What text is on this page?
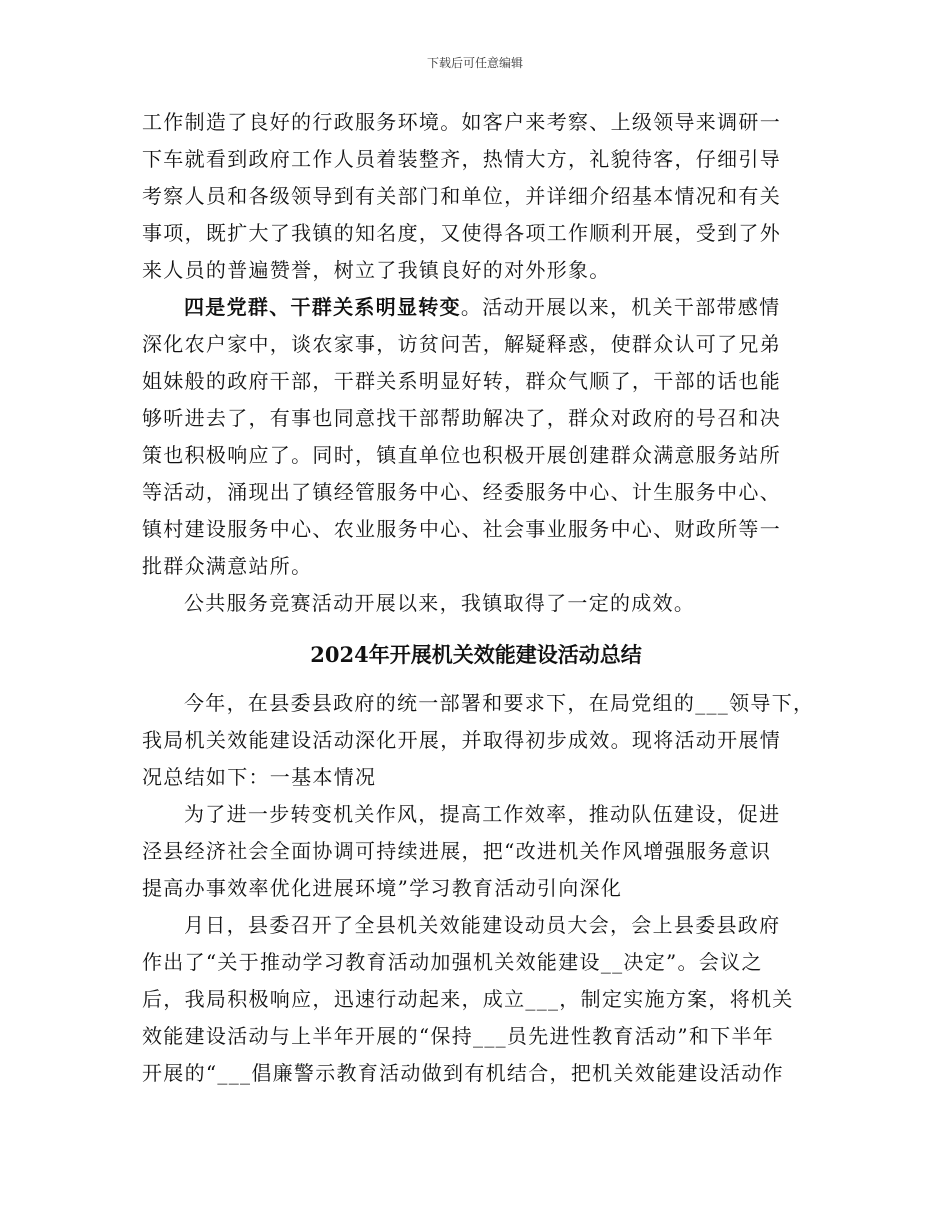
下载后可任意编辑
工作制造了良好的行政服务环境。如客户来考察、上级领导来调研一
下车就看到政府工作人员着装整齐，热情大方，礼貌待客，仔细引导
考察人员和各级领导到有关部门和单位，并详细介绍基本情况和有关
事项，既扩大了我镇的知名度，又使得各项工作顺利开展，受到了外
来人员的普遍赞誉，树立了我镇良好的对外形象。
四是党群、干群关系明显转变。活动开展以来，机关干部带感情
深化农户家中，谈农家事，访贫问苦，解疑释惑，使群众认可了兄弟
姐妹般的政府干部，干群关系明显好转，群众气顺了，干部的话也能
够听进去了，有事也同意找干部帮助解决了，群众对政府的号召和决
策也积极响应了。同时，镇直单位也积极开展创建群众满意服务站所
等活动，涌现出了镇经管服务中心、经委服务中心、计生服务中心、
镇村建设服务中心、农业服务中心、社会事业服务中心、财政所等一
批群众满意站所。
公共服务竞赛活动开展以来，我镇取得了一定的成效。
2024年开展机关效能建设活动总结
今年，在县委县政府的统一部署和要求下，在局党组的___领导下，
我局机关效能建设活动深化开展，并取得初步成效。现将活动开展情
况总结如下：一基本情况
为了进一步转变机关作风，提高工作效率，推动队伍建设，促进
泾县经济社会全面协调可持续进展，把“改进机关作风增强服务意识
提高办事效率优化进展环境”学习教育活动引向深化
月日，县委召开了全县机关效能建设动员大会，会上县委县政府
作出了“关于推动学习教育活动加强机关效能建设__决定”。会议之
后，我局积极响应，迅速行动起来，成立___，制定实施方案，将机关
效能建设活动与上半年开展的“保持___员先进性教育活动”和下半年
开展的“___倡廉警示教育活动做到有机结合，把机关效能建设活动作
